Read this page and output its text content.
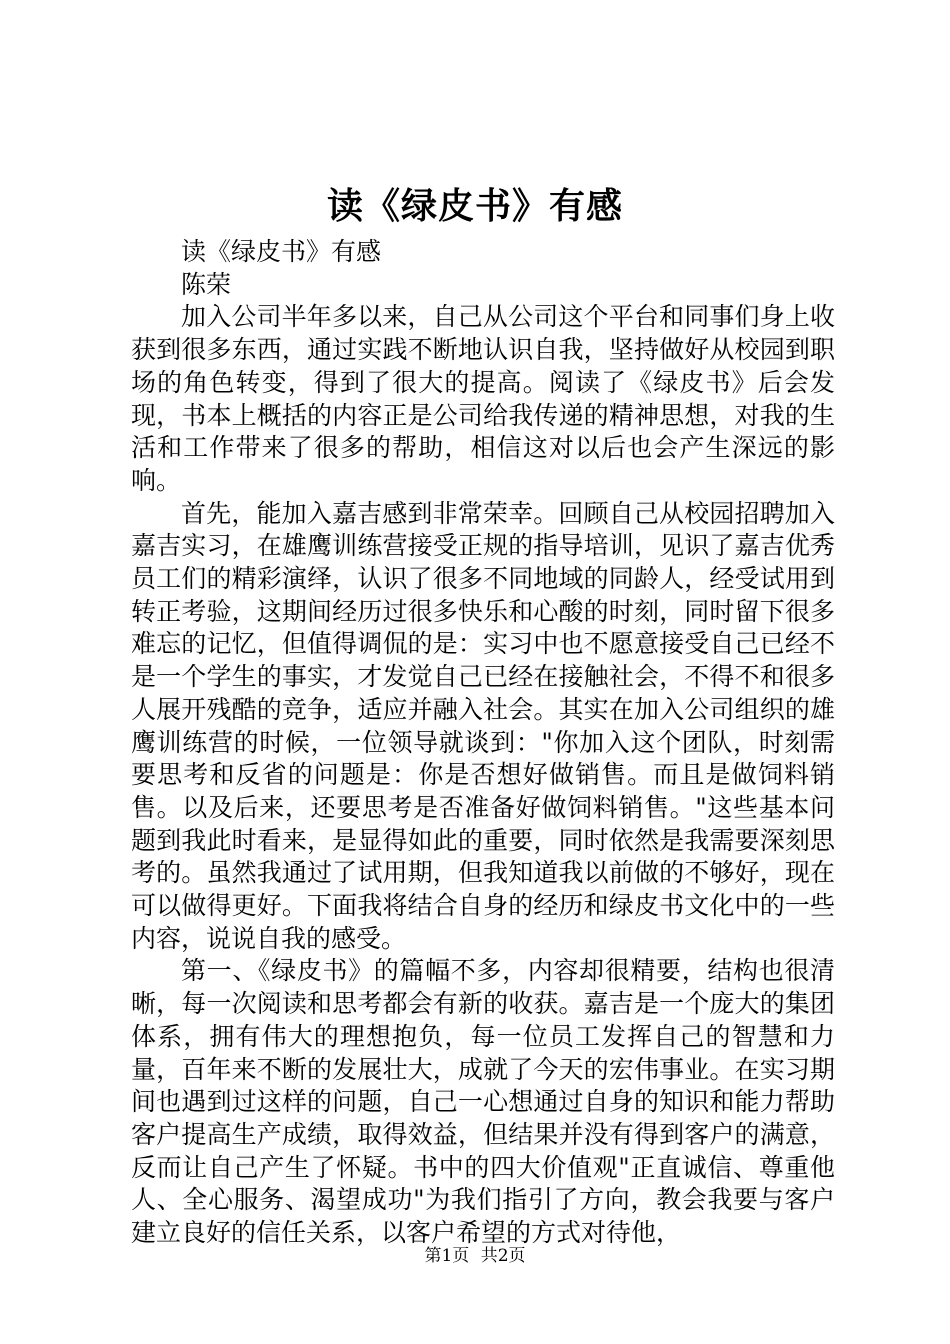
读《绿皮书》有感

读《绿皮书》有感

陈荣

加入公司半年多以来，自己从公司这个平台和同事们身上收获到很多东西，通过实践不断地认识自我，坚持做好从校园到职场的角色转变，得到了很大的提高。阅读了《绿皮书》后会发现，书本上概括的内容正是公司给我传递的精神思想，对我的生活和工作带来了很多的帮助，相信这对以后也会产生深远的影响。

首先，能加入嘉吉感到非常荣幸。回顾自己从校园招聘加入嘉吉实习，在雄鹰训练营接受正规的指导培训，见识了嘉吉优秀员工们的精彩演绎，认识了很多不同地域的同龄人，经受试用到转正考验，这期间经历过很多快乐和心酸的时刻，同时留下很多难忘的记忆，但值得调侃的是：实习中也不愿意接受自己已经不是一个学生的事实，才发觉自己已经在接触社会，不得不和很多人展开残酷的竞争，适应并融入社会。其实在加入公司组织的雄鹰训练营的时候，一位领导就谈到："你加入这个团队，时刻需要思考和反省的问题是：你是否想好做销售。而且是做饲料销售。以及后来，还要思考是否准备好做饲料销售。"这些基本问题到我此时看来，是显得如此的重要，同时依然是我需要深刻思考的。虽然我通过了试用期，但我知道我以前做的不够好，现在可以做得更好。下面我将结合自身的经历和绿皮书文化中的一些内容，说说自我的感受。

第一、《绿皮书》的篇幅不多，内容却很精要，结构也很清晰，每一次阅读和思考都会有新的收获。嘉吉是一个庞大的集团体系，拥有伟大的理想抱负，每一位员工发挥自己的智慧和力量，百年来不断的发展壮大，成就了今天的宏伟事业。在实习期间也遇到过这样的问题，自己一心想通过自身的知识和能力帮助客户提高生产成绩，取得效益，但结果并没有得到客户的满意，反而让自己产生了怀疑。书中的四大价值观"正直诚信、尊重他人、全心服务、渴望成功"为我们指引了方向，教会我要与客户建立良好的信任关系，以客户希望的方式对待他，

第1页 共2页
